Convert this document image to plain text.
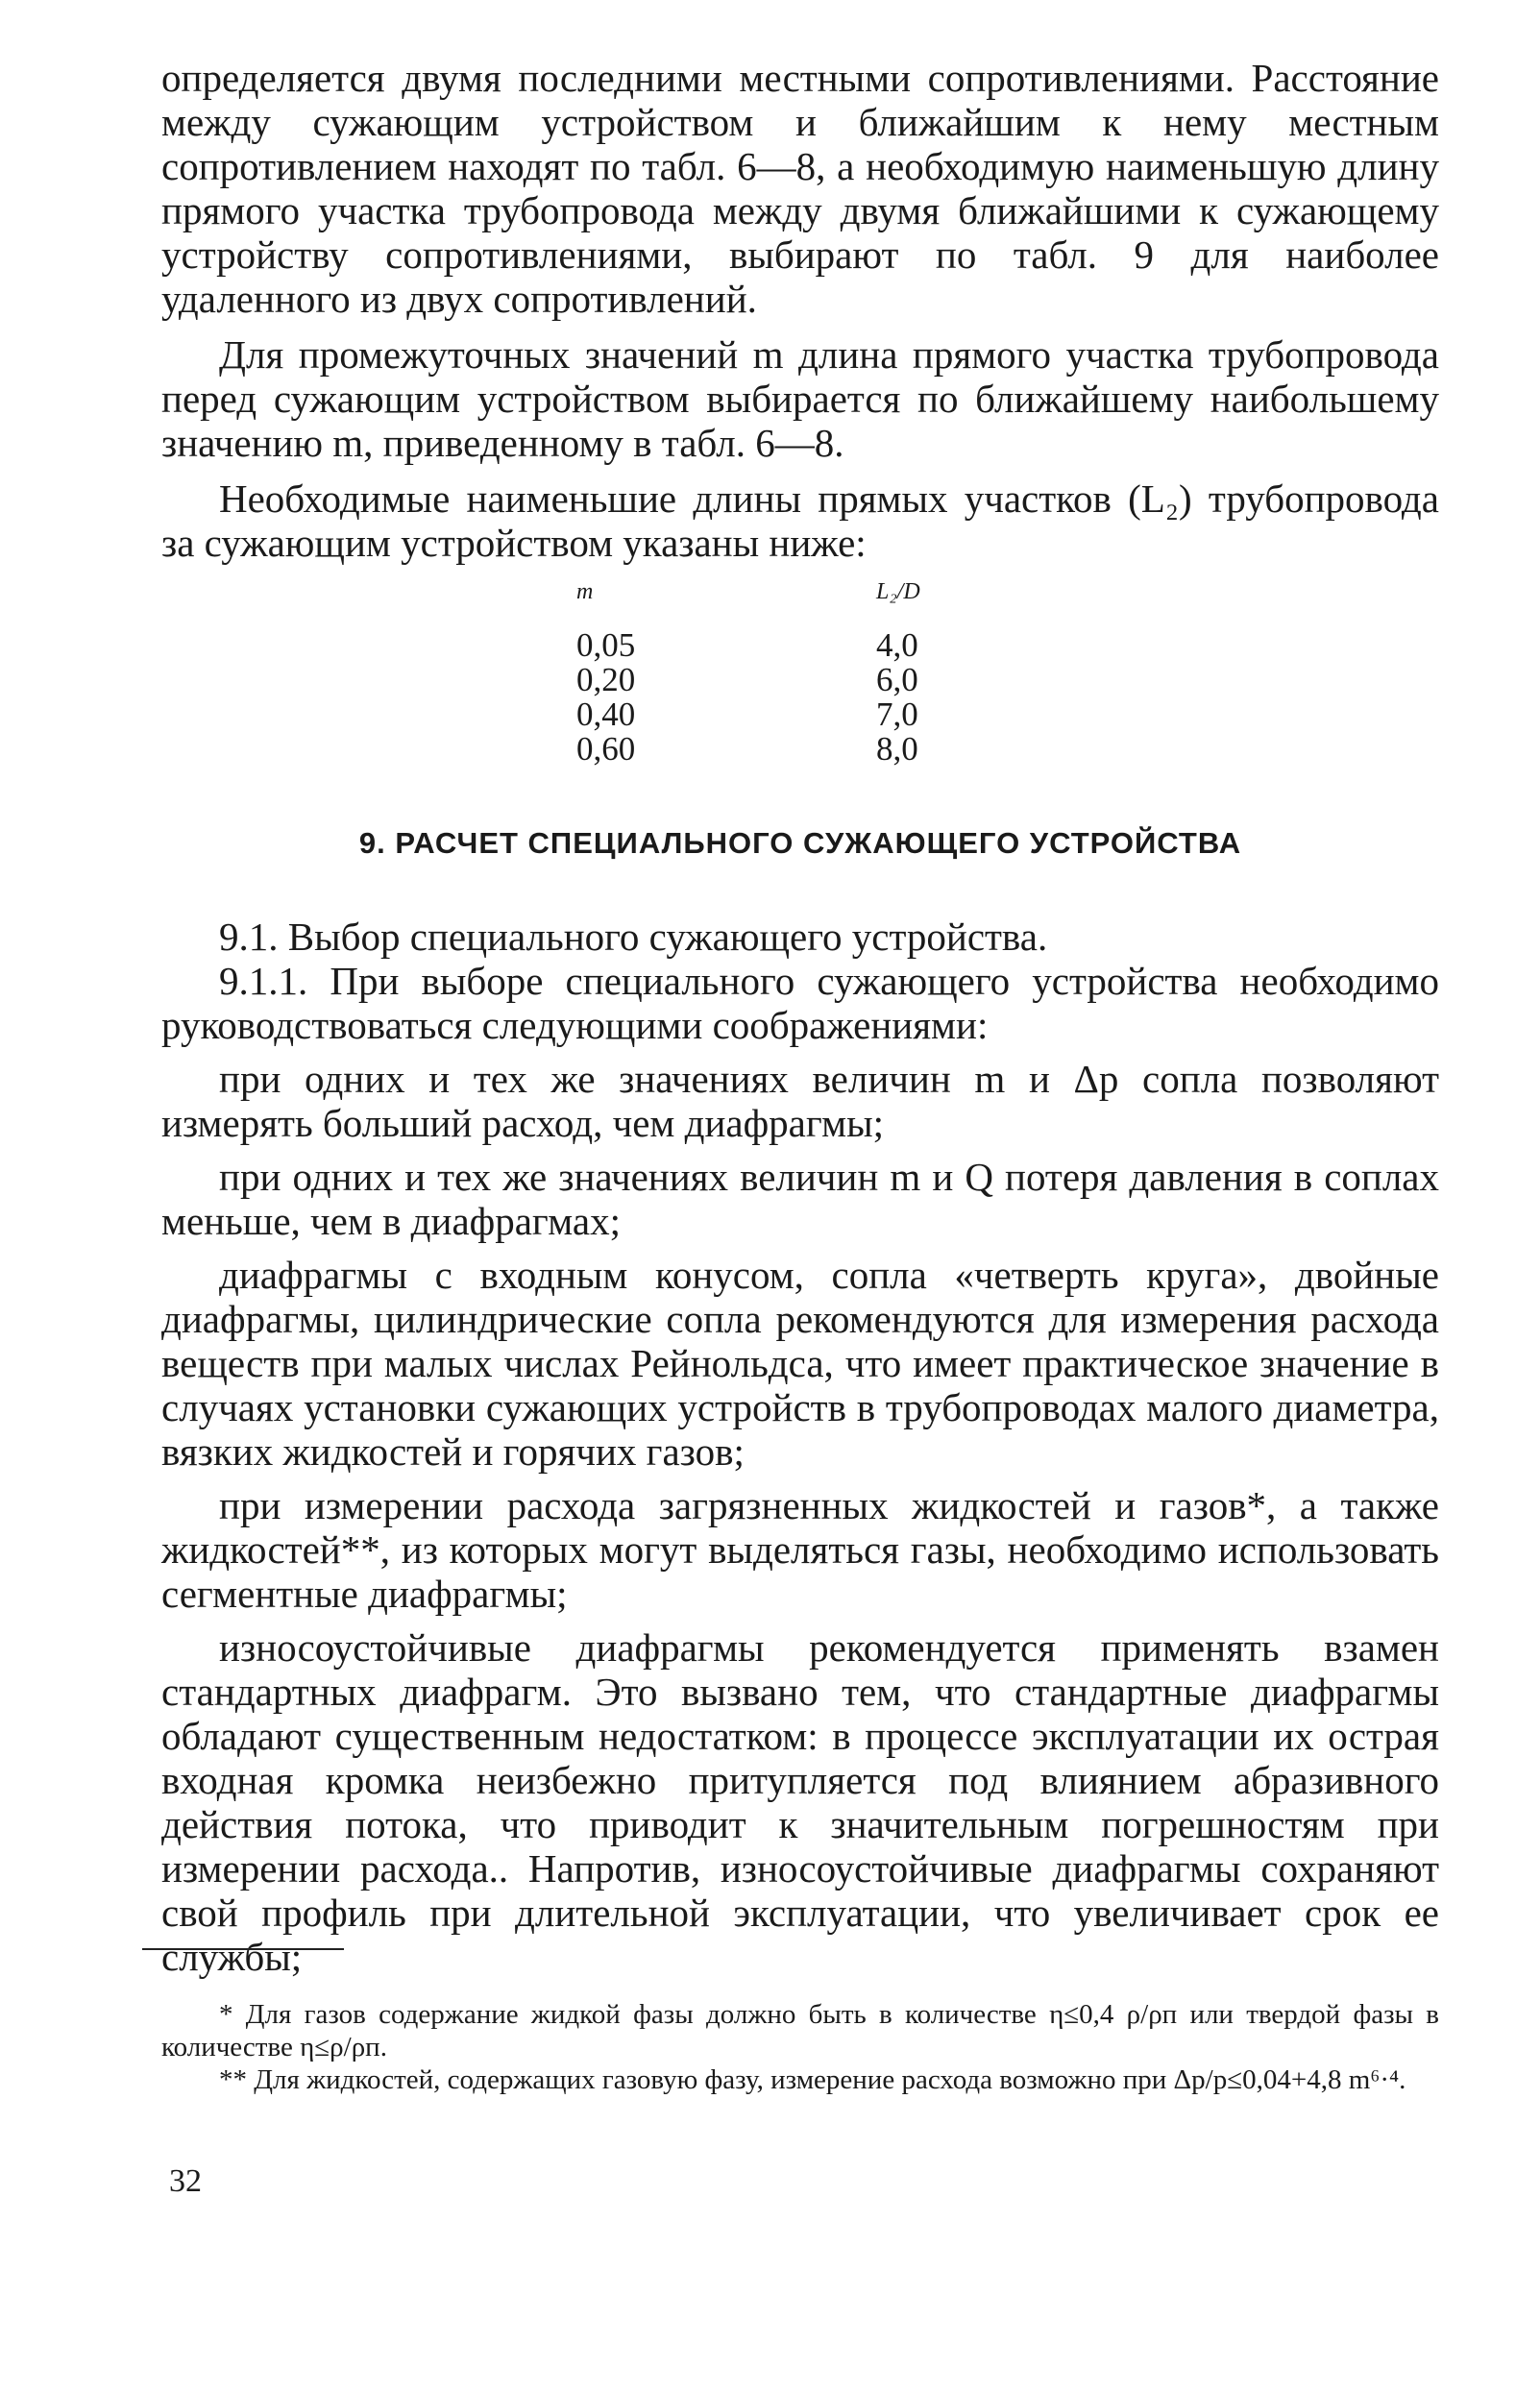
определяется двумя последними местными сопротивлениями. Расстояние между сужающим устройством и ближайшим к нему местным сопротивлением находят по табл. 6—8, а необходимую наименьшую длину прямого участка трубопровода между двумя ближайшими к сужающему устройству сопротивлениями, выбирают по табл. 9 для наиболее удаленного из двух сопротивлений.

Для промежуточных значений m длина прямого участка трубопровода перед сужающим устройством выбирается по ближайшему наибольшему значению m, приведенному в табл. 6—8.

Необходимые наименьшие длины прямых участков (L₂) трубопровода за сужающим устройством указаны ниже:

m	L₂/D
0,05	4,0
0,20	6,0
0,40	7,0
0,60	8,0
9. РАСЧЕТ СПЕЦИАЛЬНОГО СУЖАЮЩЕГО УСТРОЙСТВА

9.1. Выбор специального сужающего устройства.

9.1.1. При выборе специального сужающего устройства необходимо руководствоваться следующими соображениями:

при одних и тех же значениях величин m и Δp сопла позволяют измерять больший расход, чем диафрагмы;

при одних и тех же значениях величин m и Q потеря давления в соплах меньше, чем в диафрагмах;

диафрагмы с входным конусом, сопла «четверть круга», двойные диафрагмы, цилиндрические сопла рекомендуются для измерения расхода веществ при малых числах Рейнольдса, что имеет практическое значение в случаях установки сужающих устройств в трубопроводах малого диаметра, вязких жидкостей и горячих газов;

при измерении расхода загрязненных жидкостей и газов*, а также жидкостей**, из которых могут выделяться газы, необходимо использовать сегментные диафрагмы;

износоустойчивые диафрагмы рекомендуется применять взамен стандартных диафрагм. Это вызвано тем, что стандартные диафрагмы обладают существенным недостатком: в процессе эксплуатации их острая входная кромка неизбежно притупляется под влиянием абразивного действия потока, что приводит к значительным погрешностям при измерении расхода.. Напротив, износоустойчивые диафрагмы сохраняют свой профиль при длительной эксплуатации, что увеличивает срок ее службы;

* Для газов содержание жидкой фазы должно быть в количестве η≤0,4 ρ/ρп или твердой фазы в количестве η≤ρ/ρп.

** Для жидкостей, содержащих газовую фазу, измерение расхода возможно при Δp/p≤0,04+4,8 m⁶·⁴.

32
